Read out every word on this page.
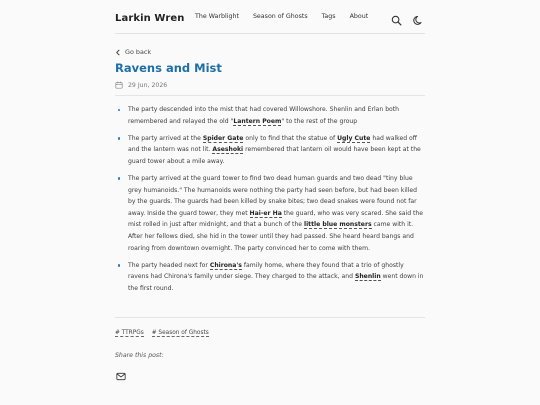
Larkin Wren The Warblight Season of Ghosts Tags About
Go back
Ravens and Mist
29 Jun, 2026
The party descended into the mist that had covered Willowshore. Shenlin and Erlan both remembered and relayed the old "Lantern Poem" to the rest of the group
The party arrived at the Spider Gate only to find that the statue of Ugly Cute had walked off and the lantern was not lit. Aseshoki remembered that lantern oil would have been kept at the guard tower about a mile away.
The party arrived at the guard tower to find two dead human guards and two dead "tiny blue grey humanoids." The humanoids were nothing the party had seen before, but had been killed by the guards. The guards had been killed by snake bites; two dead snakes were found not far away. Inside the guard tower, they met Hai-er Ha the guard, who was very scared. She said the mist rolled in just after midnight, and that a bunch of the little blue monsters came with it. After her fellows died, she hid in the tower until they had passed. She heard heard bangs and roaring from downtown overnight. The party convinced her to come with them.
The party headed next for Chirona's family home, where they found that a trio of ghostly ravens had Chirona's family under siege. They charged to the attack, and Shenlin went down in the first round.
# TTRPGs # Season of Ghosts
Share this post:
